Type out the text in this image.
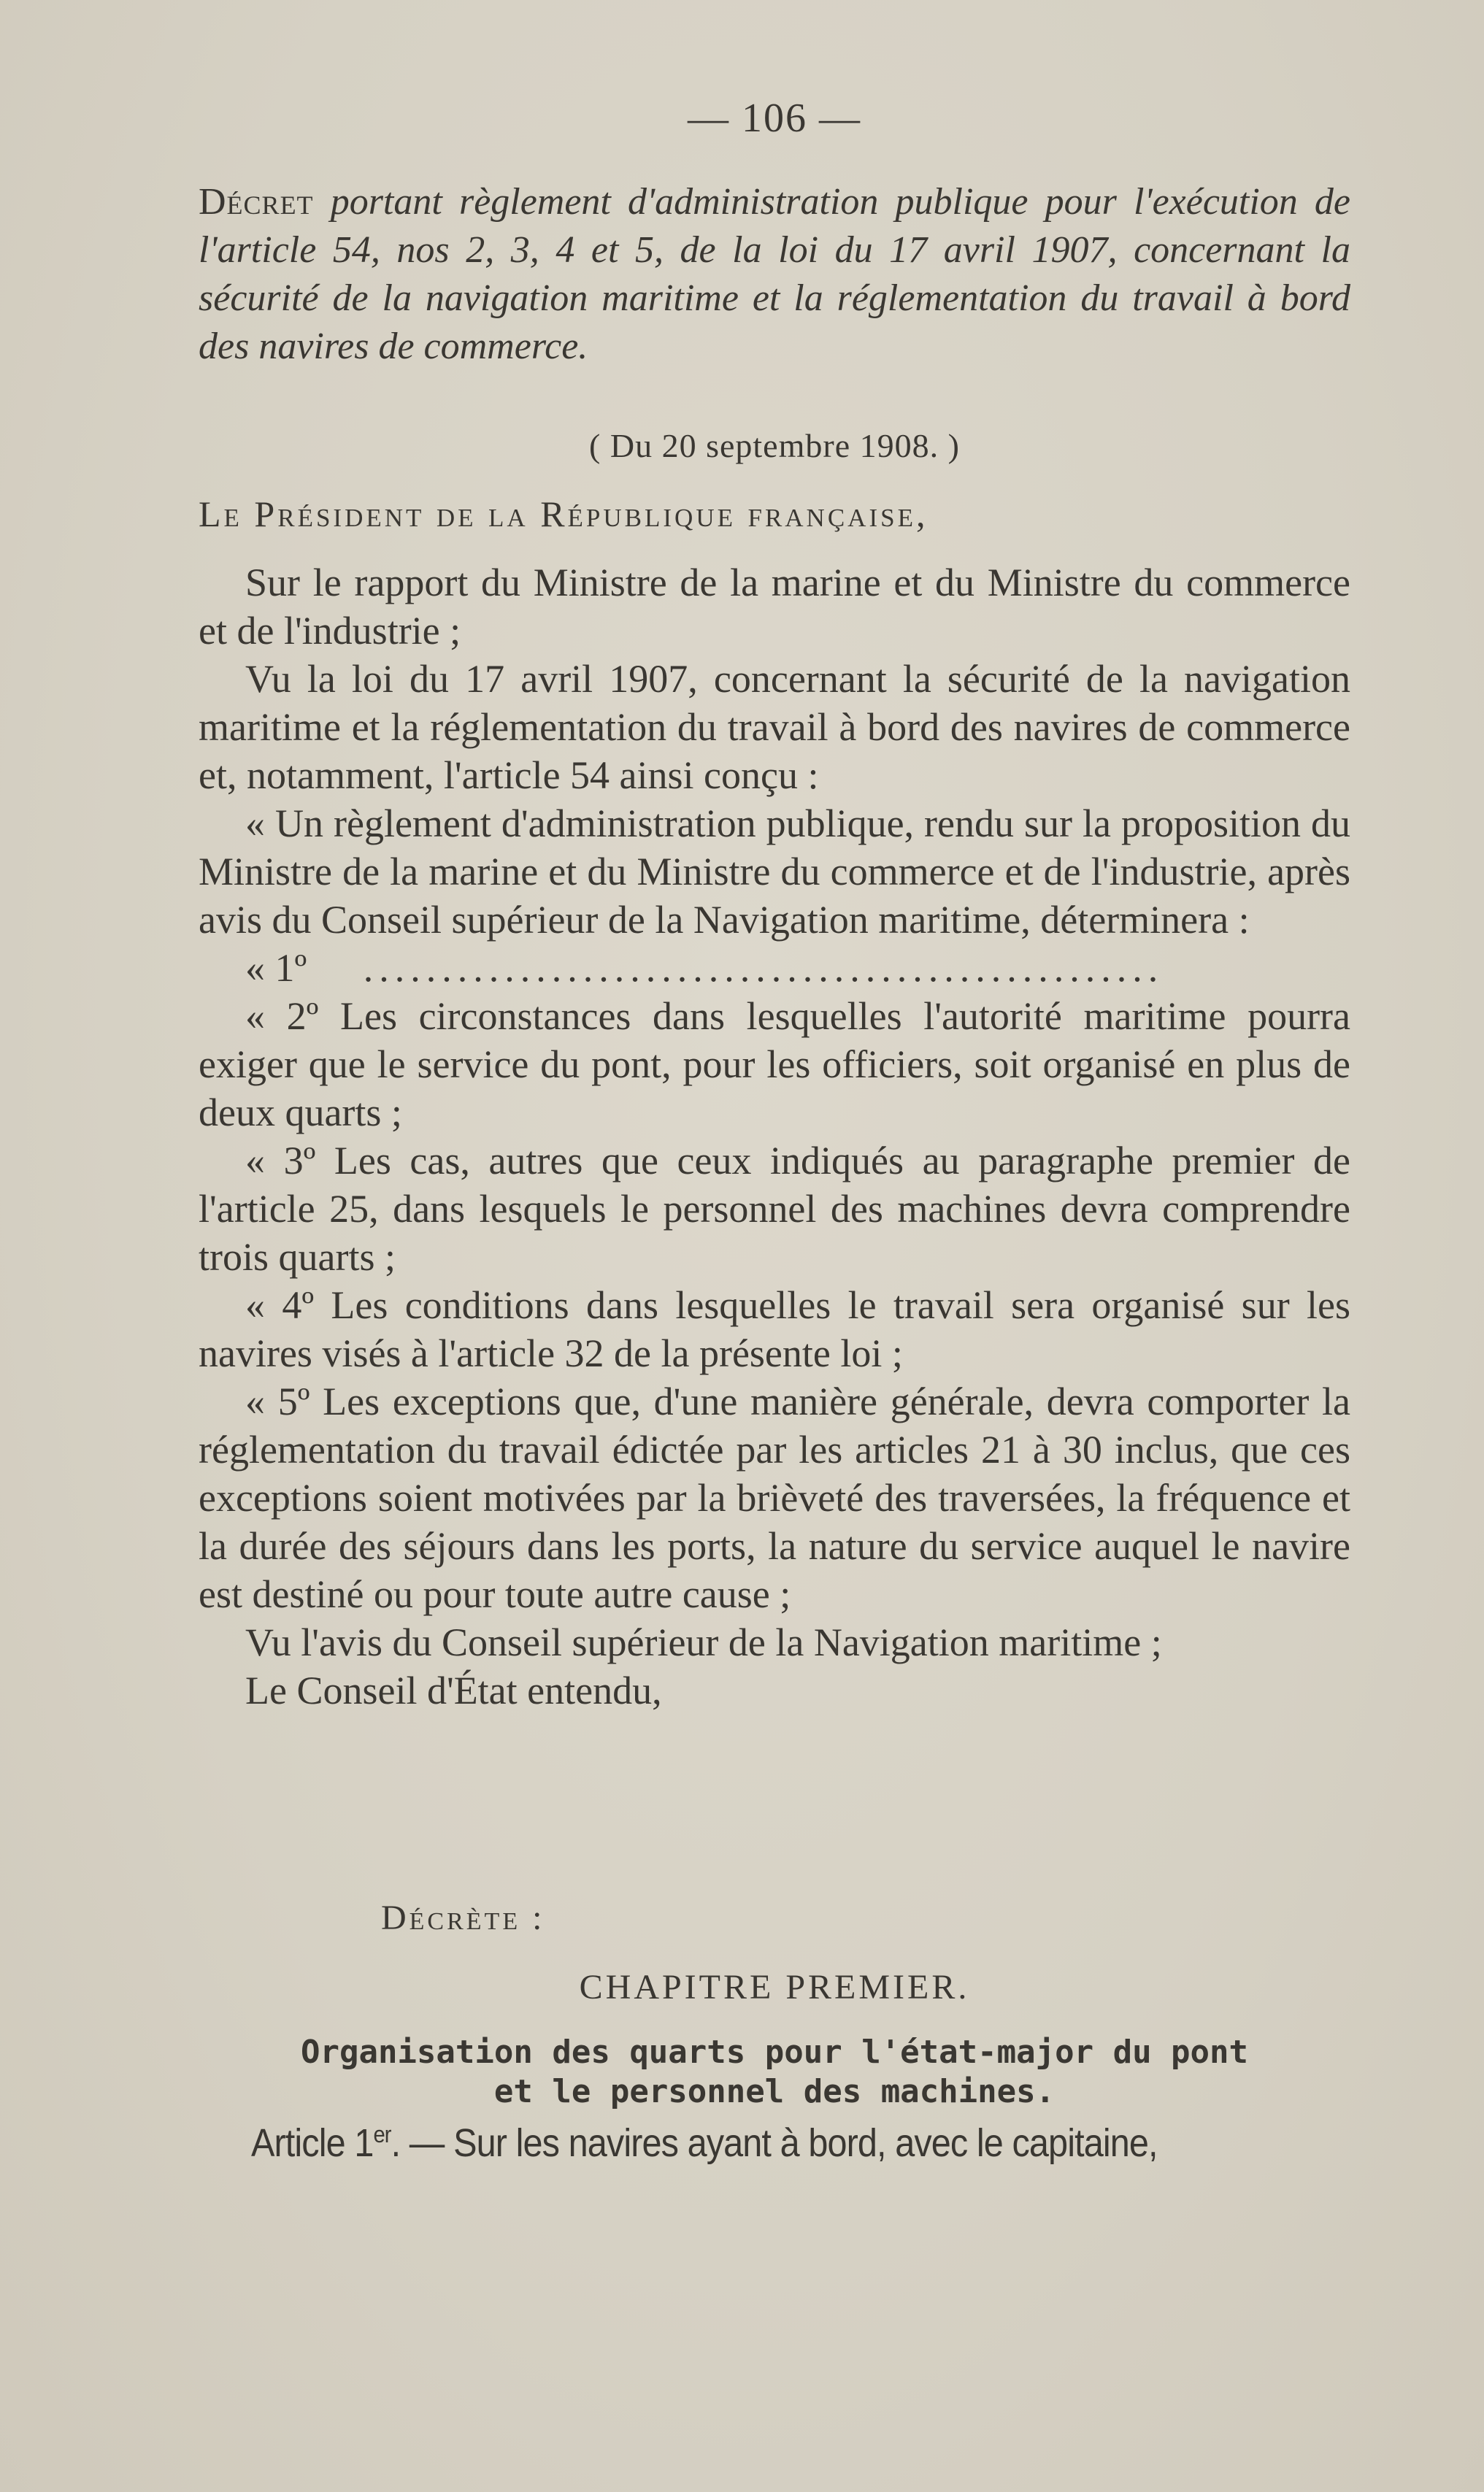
— 106 —
Décret portant règlement d'administration publique pour l'exécution de l'article 54, nos 2, 3, 4 et 5, de la loi du 17 avril 1907, concernant la sécurité de la navigation maritime et la réglementation du travail à bord des navires de commerce.
( Du 20 septembre 1908. )
Le Président de la République française,

Sur le rapport du Ministre de la marine et du Ministre du commerce et de l'industrie ;

Vu la loi du 17 avril 1907, concernant la sécurité de la navigation maritime et la réglementation du travail à bord des navires de commerce et, notamment, l'article 54 ainsi conçu :

« Un règlement d'administration publique, rendu sur la proposition du Ministre de la marine et du Ministre du commerce et de l'industrie, après avis du Conseil supérieur de la Navigation maritime, déterminera :

« 1º ...................................................

« 2º Les circonstances dans lesquelles l'autorité maritime pourra exiger que le service du pont, pour les officiers, soit organisé en plus de deux quarts ;

« 3º Les cas, autres que ceux indiqués au paragraphe premier de l'article 25, dans lesquels le personnel des machines devra comprendre trois quarts ;

« 4º Les conditions dans lesquelles le travail sera organisé sur les navires visés à l'article 32 de la présente loi ;

« 5º Les exceptions que, d'une manière générale, devra comporter la réglementation du travail édictée par les articles 21 à 30 inclus, que ces exceptions soient motivées par la brièveté des traversées, la fréquence et la durée des séjours dans les ports, la nature du service auquel le navire est destiné ou pour toute autre cause ;

Vu l'avis du Conseil supérieur de la Navigation maritime ;

Le Conseil d'État entendu,

Décrète :
CHAPITRE PREMIER.
Organisation des quarts pour l'état-major du pont
et le personnel des machines.
Article 1er. — Sur les navires ayant à bord, avec le capitaine,
